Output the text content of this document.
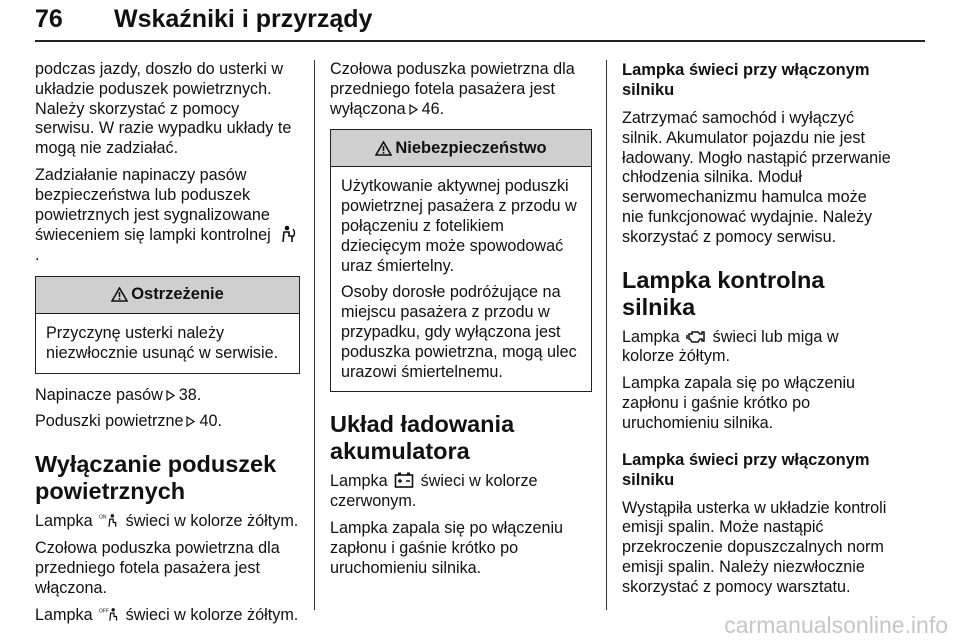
76 Wskaźniki i przyrządy

podczas jazdy, doszło do usterki w układzie poduszek powietrznych. Należy skorzystać z pomocy serwisu. W razie wypadku układy te mogą nie zadziałać.

Zadziałanie napinaczy pasów bezpieczeństwa lub poduszek powietrznych jest sygnalizowane świeceniem się lampki kontrolnej .

Ostrzeżenie

Przyczynę usterki należy niezwłocznie usunąć w serwisie.

Napinacze pasów 38.

Poduszki powietrzne 40.

Wyłączanie poduszek powietrznych

Lampka ON świeci w kolorze żółtym.

Czołowa poduszka powietrzna dla przedniego fotela pasażera jest włączona.

Lampka OFF świeci w kolorze żółtym.

Czołowa poduszka powietrzna dla przedniego fotela pasażera jest wyłączona 46.

Niebezpieczeństwo

Użytkowanie aktywnej poduszki powietrznej pasażera z przodu w połączeniu z fotelikiem dziecięcym może spowodować uraz śmiertelny.

Osoby dorosłe podróżujące na miejscu pasażera z przodu w przypadku, gdy wyłączona jest poduszka powietrzna, mogą ulec urazowi śmiertelnemu.

Układ ładowania akumulatora

Lampka świeci w kolorze czerwonym.

Lampka zapala się po włączeniu zapłonu i gaśnie krótko po uruchomieniu silnika.

Lampka świeci przy włączonym silniku

Zatrzymać samochód i wyłączyć silnik. Akumulator pojazdu nie jest ładowany. Mogło nastąpić przerwanie chłodzenia silnika. Moduł serwomechanizmu hamulca może nie funkcjonować wydajnie. Należy skorzystać z pomocy serwisu.

Lampka kontrolna silnika

Lampka świeci lub miga w kolorze żółtym.

Lampka zapala się po włączeniu zapłonu i gaśnie krótko po uruchomieniu silnika.

Lampka świeci przy włączonym silniku

Wystąpiła usterka w układzie kontroli emisji spalin. Może nastąpić przekroczenie dopuszczalnych norm emisji spalin. Należy niezwłocznie skorzystać z pomocy warsztatu.

carmanualsonline.info
